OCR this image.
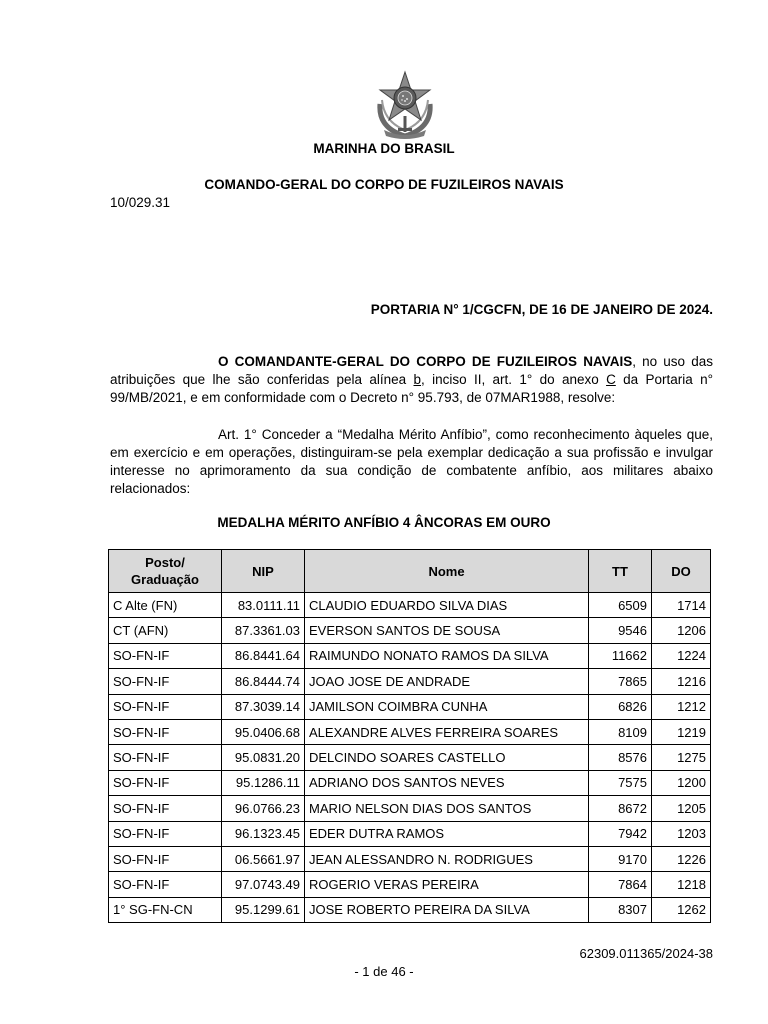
MARINHA DO BRASIL
COMANDO-GERAL DO CORPO DE FUZILEIROS NAVAIS
10/029.31
PORTARIA N° 1/CGCFN, DE 16 DE JANEIRO DE 2024.
O COMANDANTE-GERAL DO CORPO DE FUZILEIROS NAVAIS, no uso das atribuições que lhe são conferidas pela alínea b, inciso II, art. 1° do anexo C da Portaria n° 99/MB/2021, e em conformidade com o Decreto n° 95.793, de 07MAR1988, resolve:
Art. 1° Conceder a “Medalha Mérito Anfíbio”, como reconhecimento àqueles que, em exercício e em operações, distinguiram-se pela exemplar dedicação a sua profissão e invulgar interesse no aprimoramento da sua condição de combatente anfíbio, aos militares abaixo relacionados:
MEDALHA MÉRITO ANFÍBIO 4 ÂNCORAS EM OURO
Posto/
Graduação	NIP	Nome	TT	DO
C Alte (FN)	83.0111.11	CLAUDIO EDUARDO SILVA DIAS	6509	1714
CT (AFN)	87.3361.03	EVERSON SANTOS DE SOUSA	9546	1206
SO-FN-IF	86.8441.64	RAIMUNDO NONATO RAMOS DA SILVA	11662	1224
SO-FN-IF	86.8444.74	JOAO JOSE DE ANDRADE	7865	1216
SO-FN-IF	87.3039.14	JAMILSON COIMBRA CUNHA	6826	1212
SO-FN-IF	95.0406.68	ALEXANDRE ALVES FERREIRA SOARES	8109	1219
SO-FN-IF	95.0831.20	DELCINDO SOARES CASTELLO	8576	1275
SO-FN-IF	95.1286.11	ADRIANO DOS SANTOS NEVES	7575	1200
SO-FN-IF	96.0766.23	MARIO NELSON DIAS DOS SANTOS	8672	1205
SO-FN-IF	96.1323.45	EDER DUTRA RAMOS	7942	1203
SO-FN-IF	06.5661.97	JEAN ALESSANDRO N. RODRIGUES	9170	1226
SO-FN-IF	97.0743.49	ROGERIO VERAS PEREIRA	7864	1218
1° SG-FN-CN	95.1299.61	JOSE ROBERTO PEREIRA DA SILVA	8307	1262
62309.011365/2024-38
- 1 de 46 -
